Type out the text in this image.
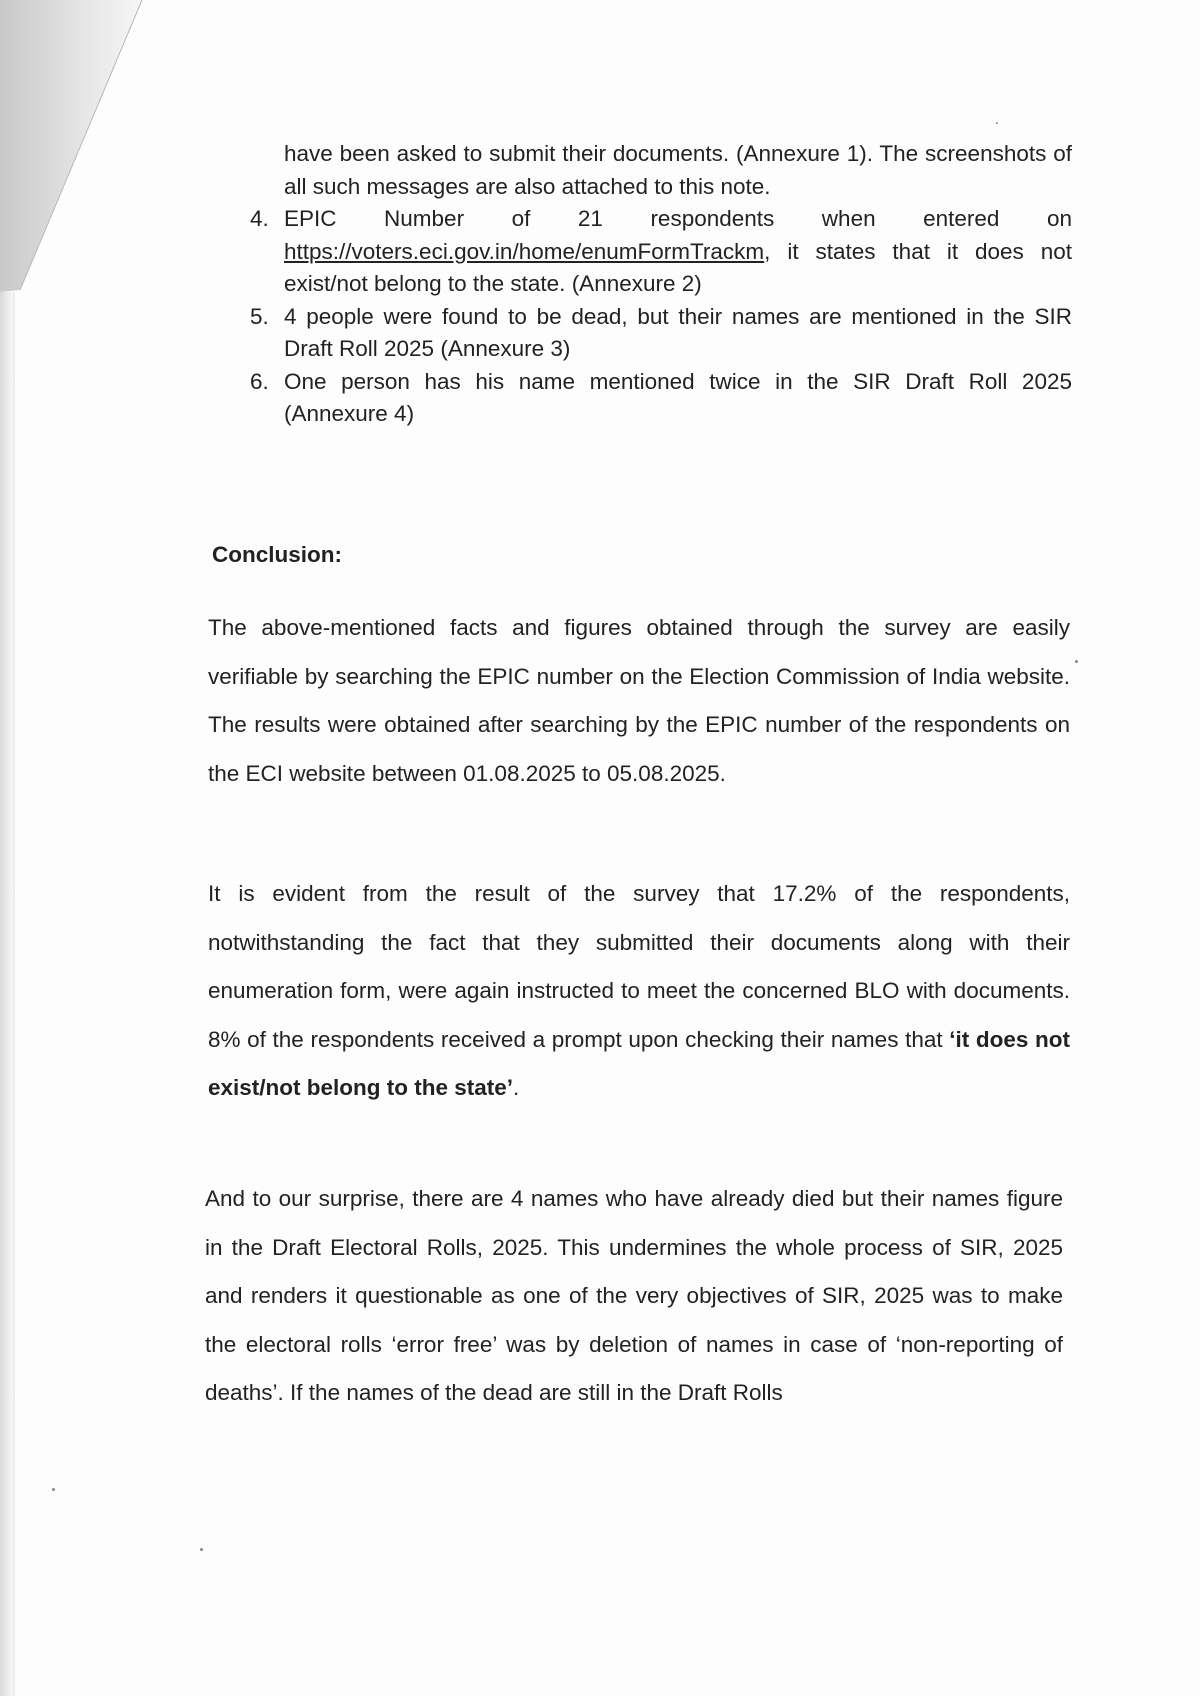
have been asked to submit their documents. (Annexure 1). The screenshots of all such messages are also attached to this note.
4. EPIC Number of 21 respondents when entered on https://voters.eci.gov.in/home/enumFormTrackm, it states that it does not exist/not belong to the state. (Annexure 2)
5. 4 people were found to be dead, but their names are mentioned in the SIR Draft Roll 2025 (Annexure 3)
6. One person has his name mentioned twice in the SIR Draft Roll 2025 (Annexure 4)
Conclusion:

The above-mentioned facts and figures obtained through the survey are easily verifiable by searching the EPIC number on the Election Commission of India website. The results were obtained after searching by the EPIC number of the respondents on the ECI website between 01.08.2025 to 05.08.2025.

It is evident from the result of the survey that 17.2% of the respondents, notwithstanding the fact that they submitted their documents along with their enumeration form, were again instructed to meet the concerned BLO with documents. 8% of the respondents received a prompt upon checking their names that ‘it does not exist/not belong to the state’.

And to our surprise, there are 4 names who have already died but their names figure in the Draft Electoral Rolls, 2025. This undermines the whole process of SIR, 2025 and renders it questionable as one of the very objectives of SIR, 2025 was to make the electoral rolls ‘error free’ was by deletion of names in case of ‘non-reporting of deaths’. If the names of the dead are still in the Draft Rolls
